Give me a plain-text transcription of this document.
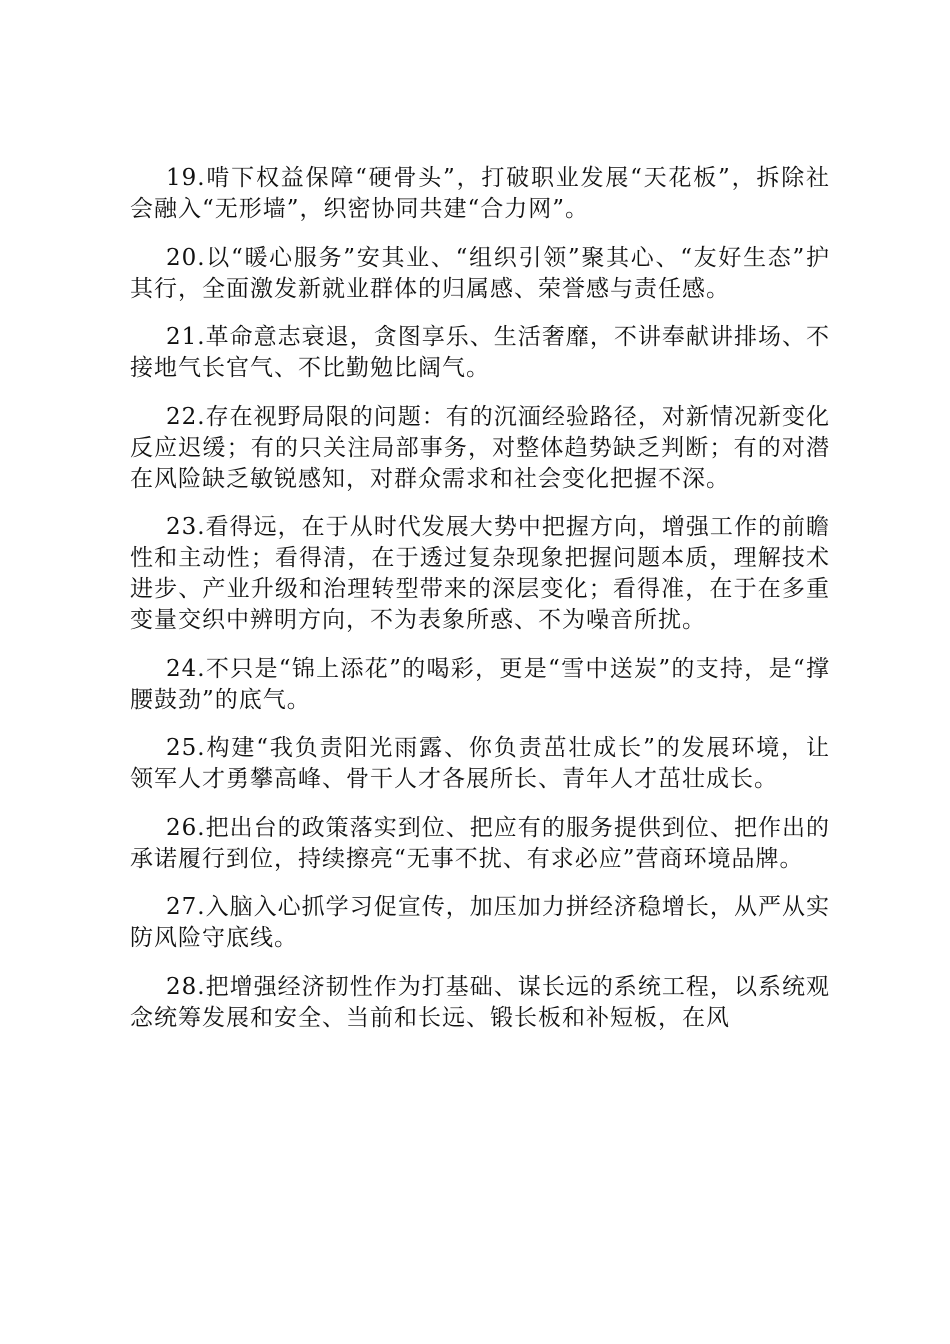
19.啃下权益保障“硬骨头”，打破职业发展“天花板”，拆除社会融入“无形墙”，织密协同共建“合力网”。

20.以“暖心服务”安其业、“组织引领”聚其心、“友好生态”护其行，全面激发新就业群体的归属感、荣誉感与责任感。

21.革命意志衰退，贪图享乐、生活奢靡，不讲奉献讲排场、不接地气长官气、不比勤勉比阔气。

22.存在视野局限的问题：有的沉湎经验路径，对新情况新变化反应迟缓；有的只关注局部事务，对整体趋势缺乏判断；有的对潜在风险缺乏敏锐感知，对群众需求和社会变化把握不深。

23.看得远，在于从时代发展大势中把握方向，增强工作的前瞻性和主动性；看得清，在于透过复杂现象把握问题本质，理解技术进步、产业升级和治理转型带来的深层变化；看得准，在于在多重变量交织中辨明方向，不为表象所惑、不为噪音所扰。

24.不只是“锦上添花”的喝彩，更是“雪中送炭”的支持，是“撑腰鼓劲”的底气。

25.构建“我负责阳光雨露、你负责茁壮成长”的发展环境，让领军人才勇攀高峰、骨干人才各展所长、青年人才茁壮成长。

26.把出台的政策落实到位、把应有的服务提供到位、把作出的承诺履行到位，持续擦亮“无事不扰、有求必应”营商环境品牌。

27.入脑入心抓学习促宣传，加压加力拼经济稳增长，从严从实防风险守底线。

28.把增强经济韧性作为打基础、谋长远的系统工程，以系统观念统筹发展和安全、当前和长远、锻长板和补短板，在风
